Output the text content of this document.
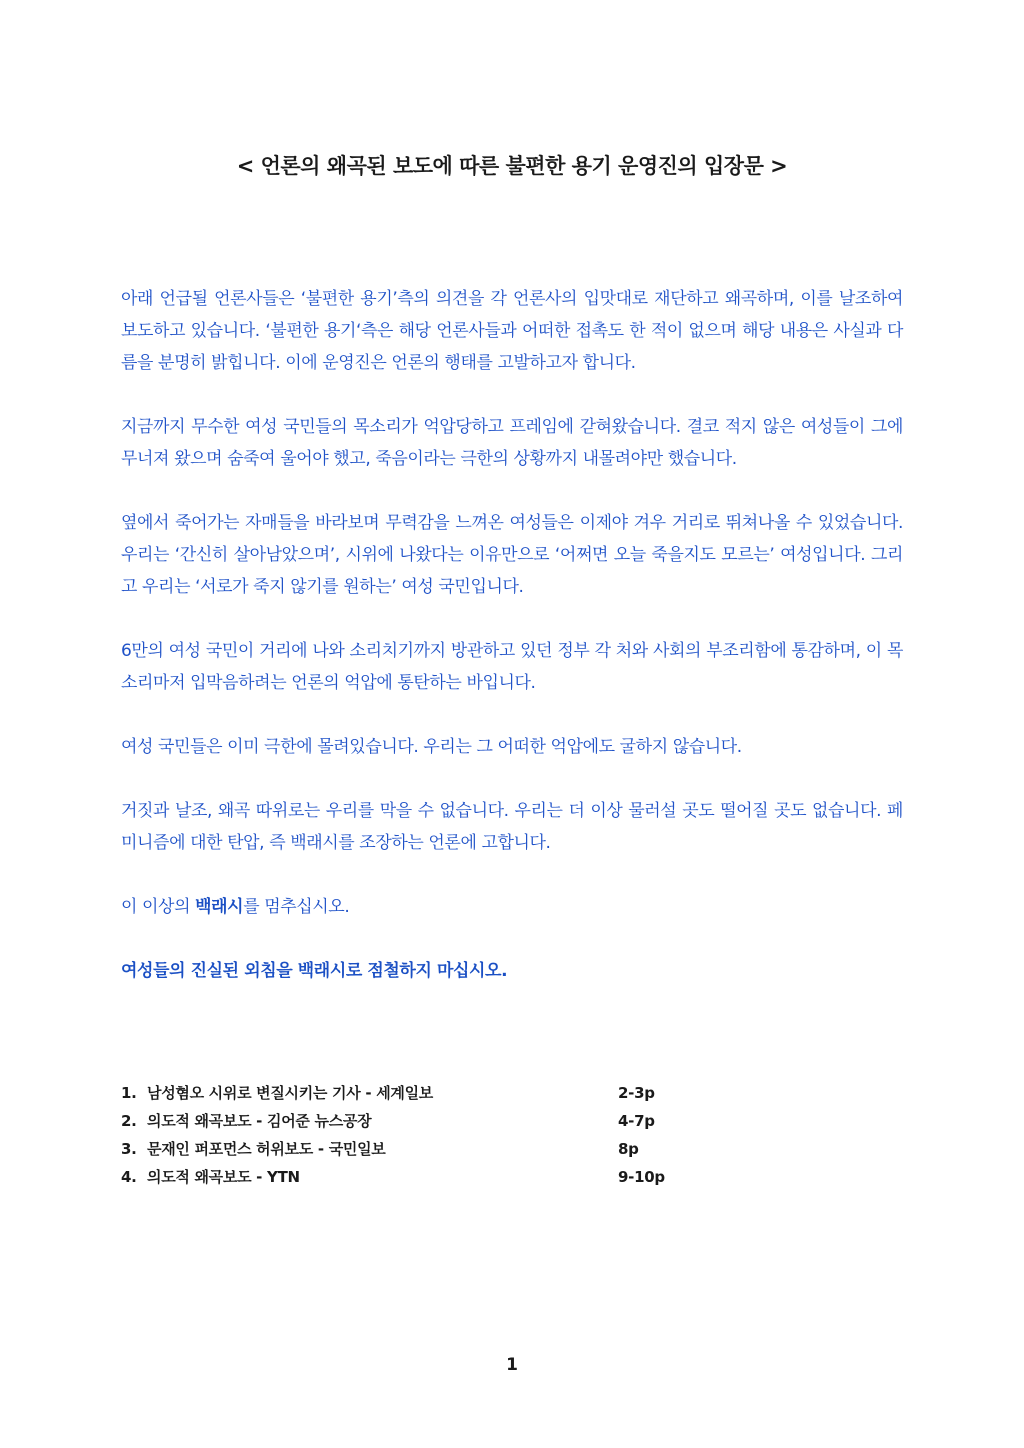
< 언론의 왜곡된 보도에 따른 불편한 용기 운영진의 입장문 >

아래 언급될 언론사들은 ‘불편한 용기’측의 의견을 각 언론사의 입맛대로 재단하고 왜곡하며, 이를 날조하여 보도하고 있습니다. ‘불편한 용기‘측은 해당 언론사들과 어떠한 접촉도 한 적이 없으며 해당 내용은 사실과 다름을 분명히 밝힙니다. 이에 운영진은 언론의 행태를 고발하고자 합니다.

지금까지 무수한 여성 국민들의 목소리가 억압당하고 프레임에 갇혀왔습니다. 결코 적지 않은 여성들이 그에 무너져 왔으며 숨죽여 울어야 했고, 죽음이라는 극한의 상황까지 내몰려야만 했습니다.

옆에서 죽어가는 자매들을 바라보며 무력감을 느껴온 여성들은 이제야 겨우 거리로 뛰쳐나올 수 있었습니다. 우리는 ‘간신히 살아남았으며’, 시위에 나왔다는 이유만으로 ‘어쩌면 오늘 죽을지도 모르는’ 여성입니다. 그리고 우리는 ‘서로가 죽지 않기를 원하는’ 여성 국민입니다.

6만의 여성 국민이 거리에 나와 소리치기까지 방관하고 있던 정부 각 처와 사회의 부조리함에 통감하며, 이 목소리마저 입막음하려는 언론의 억압에 통탄하는 바입니다.

여성 국민들은 이미 극한에 몰려있습니다. 우리는 그 어떠한 억압에도 굴하지 않습니다.

거짓과 날조, 왜곡 따위로는 우리를 막을 수 없습니다. 우리는 더 이상 물러설 곳도 떨어질 곳도 없습니다. 페미니즘에 대한 탄압, 즉 백래시를 조장하는 언론에 고합니다.

이 이상의 백래시를 멈추십시오.

여성들의 진실된 외침을 백래시로 점철하지 마십시오.

1. 남성혐오 시위로 변질시키는 기사 - 세계일보	2-3p
2. 의도적 왜곡보도 - 김어준 뉴스공장	4-7p
3. 문재인 퍼포먼스 허위보도 - 국민일보	8p
4. 의도적 왜곡보도 - YTN	9-10p
1
